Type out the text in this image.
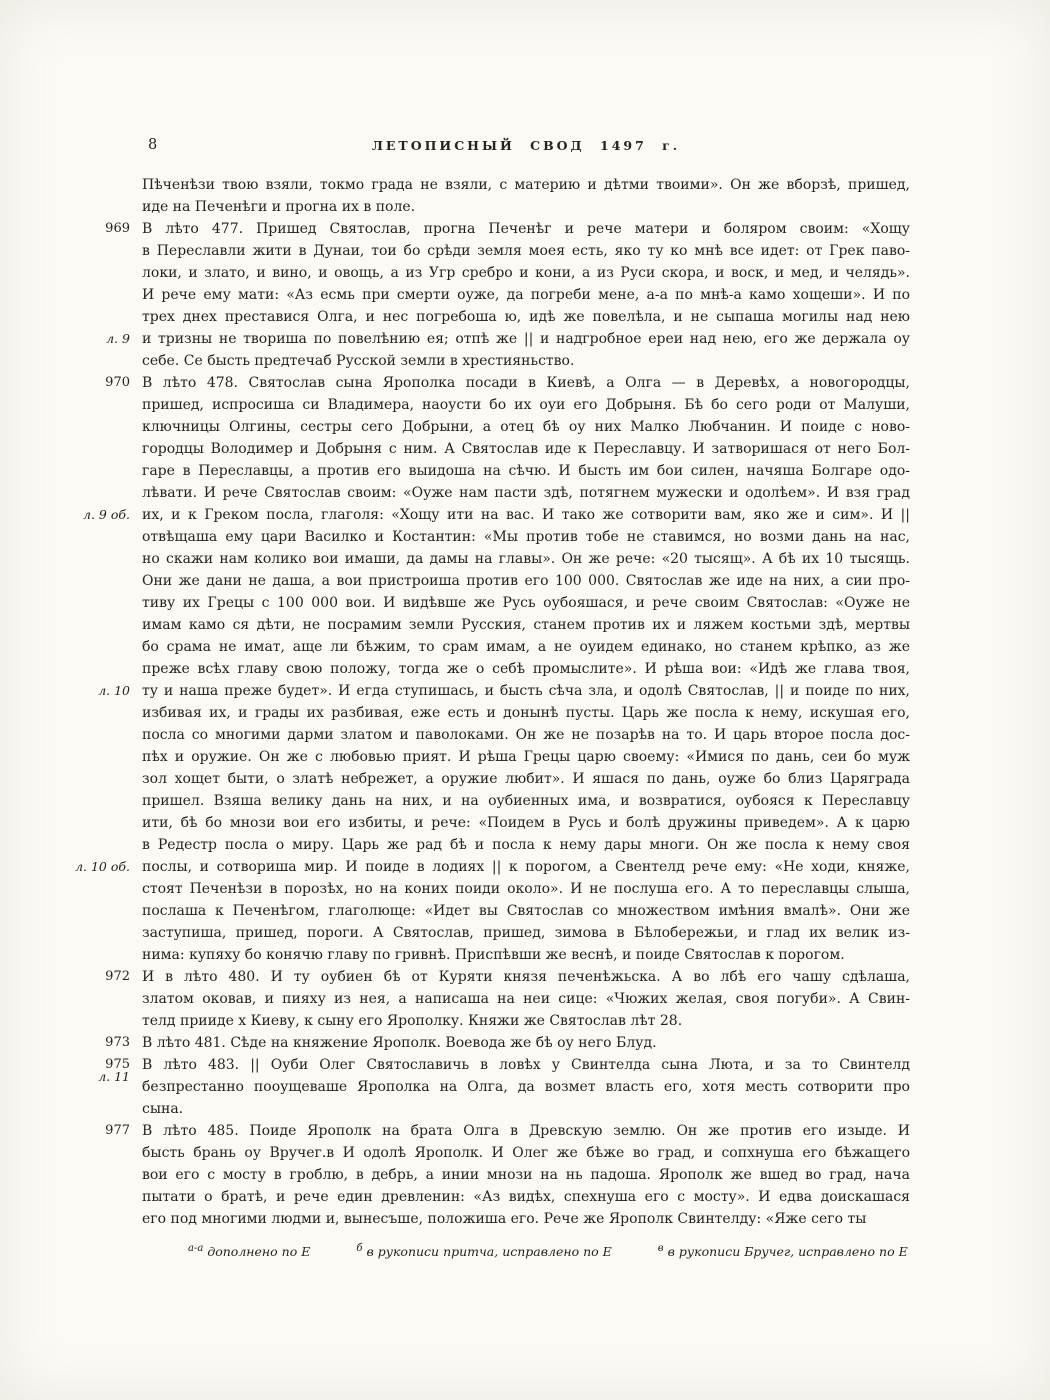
8	ЛЕТОПИСНЫЙ СВОД 1497 г.
Пѣченѣзи твою взяли, токмо града не взяли, с материю и дѣтми твоими». Он же вборзѣ, пришед,
иде на Печенѣги и прогна их в поле.
969
л. 9
В лѣто 477. Пришед Святослав, прогна Печенѣг и рече матери и боляром своим: «Хощу
в Переславли жити в Дунаи, тои бо срѣди земля моея есть, яко ту ко мнѣ все идет: от Грек паво-
локи, и злато, и вино, и овощь, а из Угр сребро и кони, а из Руси скора, и воск, и мед, и челядь».
И рече ему мати: «Аз есмь при смерти оуже, да погреби мене, а-а по мнѣ-а камо хощеши». И по
трех днех преставися Олга, и нес погребоша ю, идѣ же повелѣла, и не сыпаша могилы над нею
и тризны не твориша по повелѣнию ея; отпѣ же || и надгробное ереи над нею, его же держала оу
себе. Се бысть предтечаб Русской земли в хрестияньство.
970
л. 9 об.
л. 10
л. 10 об.
В лѣто 478. Святослав сына Ярополка посади в Киевѣ, а Олга — в Деревѣх, а новогородцы,
пришед, испросиша си Владимера, наоусти бо их оуи его Добрыня. Бѣ бо сего роди от Малуши,
ключницы Олгины, сестры сего Добрыни, а отец бѣ оу них Малко Любчанин. И поиде с ново-
городцы Володимер и Добрыня с ним. А Святослав иде к Переславцу. И затворишася от него Бол-
гаре в Переславцы, а против его выидоша на сѣчю. И бысть им бои силен, начяша Болгаре одо-
лѣвати. И рече Святослав своим: «Оуже нам пасти здѣ, потягнем мужески и одолѣем». И взя град
их, и к Греком посла, глаголя: «Хощу ити на вас. И тако же сотворити вам, яко же и сим». И ||
отвѣщаша ему цари Василко и Костантин: «Мы против тобе не ставимся, но возми дань на нас,
но скажи нам колико вои имаши, да дамы на главы». Он же рече: «20 тысящ». А бѣ их 10 тысящь.
Они же дани не даша, а вои пристроиша против его 100 000. Святослав же иде на них, а сии про-
тиву их Грецы с 100 000 вои. И видѣвше же Русь оубояшася, и рече своим Святослав: «Оуже не
имам камо ся дѣти, не посрамим земли Русския, станем против их и ляжем костьми здѣ, мертвы
бо срама не имат, аще ли бѣжим, то срам имам, а не оуидем единако, но станем крѣпко, аз же
преже всѣх главу свою положу, тогда же о себѣ промыслите». И рѣша вои: «Идѣ же глава твоя,
ту и наша преже будет». И егда ступишась, и бысть сѣча зла, и одолѣ Святослав, || и поиде по них,
избивая их, и грады их разбивая, еже есть и донынѣ пусты. Царь же посла к нему, искушая его,
посла со многими дарми златом и паволоками. Он же не позарѣв на то. И царь второе посла дос-
пѣх и оружие. Он же с любовью прият. И рѣша Грецы царю своему: «Имися по дань, сеи бо муж
зол хощет быти, о златѣ небрежет, а оружие любит». И яшася по дань, оуже бо близ Царяграда
пришел. Взяша велику дань на них, и на оубиенных има, и возвратися, оубояся к Переславцу
ити, бѣ бо мнози вои его избиты, и рече: «Поидем в Русь и болѣ дружины приведем». А к царю
в Редестр посла о миру. Царь же рад бѣ и посла к нему дары многи. Он же посла к нему своя
послы, и сотвориша мир. И поиде в лодиях || к порогом, а Свентелд рече ему: «Не ходи, княже,
стоят Печенѣзи в порозѣх, но на коних поиди около». И не послуша его. А то переславцы слыша,
послаша к Печенѣгом, глаголюще: «Идет вы Святослав со множеством имѣния вмалѣ». Они же
заступиша, пришед, пороги. А Святослав, пришед, зимова в Бѣлобережьи, и глад их велик из-
нима: купяху бо конячю главу по гривнѣ. Приспѣвши же веснѣ, и поиде Святослав к порогом.
972 И в лѣто 480. И ту оубиен бѣ от Куряти князя печенѣжьска. А во лбѣ его чашу сдѣлаша,
златом оковав, и пияху из нея, а написаша на неи сице: «Чюжих желая, своя погуби». А Свин-
телд прииде х Киеву, к сыну его Ярополку. Княжи же Святослав лѣт 28.
973 В лѣто 481. Сѣде на княжение Ярополк. Воевода же бѣ оу него Блуд.
975
л. 11
В лѣто 483. || Оуби Олег Святославичь в ловѣх у Свинтелда сына Люта, и за то Свинтелд
безпрестанно пооущеваше Ярополка на Олга, да возмет власть его, хотя месть сотворити про
сына.
977 В лѣто 485. Поиде Ярополк на брата Олга в Древскую землю. Он же против его изыде. И
бысть брань оу Вручег.в И одолѣ Ярополк. И Олег же бѣже во град, и сопхнуша его бѣжащего
вои его с мосту в гроблю, в дебрь, а инии мнози на нь падоша. Ярополк же вшед во град, нача
пытати о братѣ, и рече един древленин: «Аз видѣх, спехнуша его с мосту». И едва доискашася
его под многими людми и, вынесъше, положиша его. Рече же Ярополк Свинтелду: «Яже сего ты
$^{а-а}$ дополнено по Е	$^б$ в рукописи притча, исправлено по Е	$^в$ в рукописи Бручег, исправлено по Е
